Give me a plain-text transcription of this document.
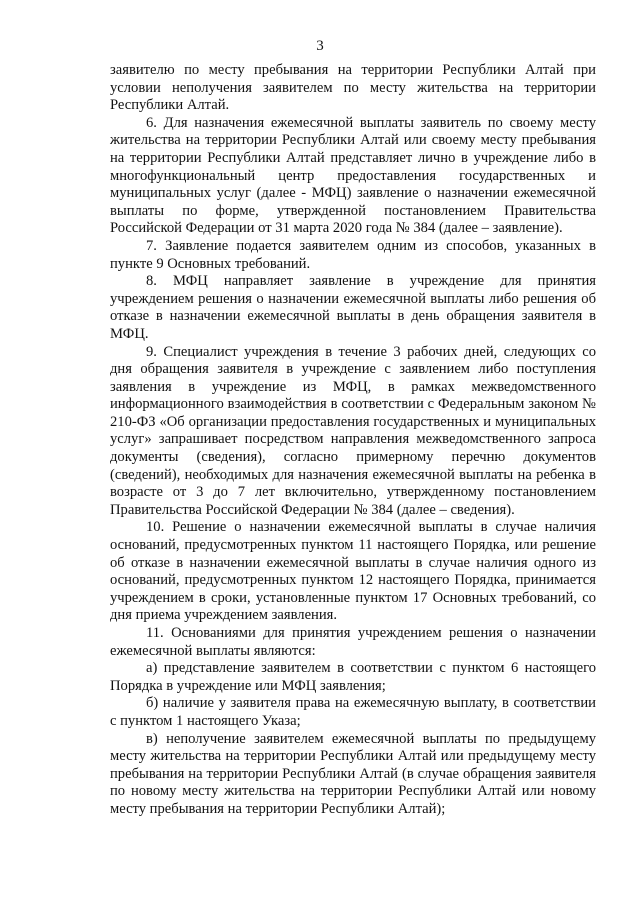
3

заявителю по месту пребывания на территории Республики Алтай при условии неполучения заявителем по месту жительства на территории Республики Алтай.

6. Для назначения ежемесячной выплаты заявитель по своему месту жительства на территории Республики Алтай или своему месту пребывания на территории Республики Алтай представляет лично в учреждение либо в многофункциональный центр предоставления государственных и муниципальных услуг (далее - МФЦ) заявление о назначении ежемесячной выплаты по форме, утвержденной постановлением Правительства Российской Федерации от 31 марта 2020 года № 384 (далее – заявление).

7. Заявление подается заявителем одним из способов, указанных в пункте 9 Основных требований.

8. МФЦ направляет заявление в учреждение для принятия учреждением решения о назначении ежемесячной выплаты либо решения об отказе в назначении ежемесячной выплаты в день обращения заявителя в МФЦ.

9. Специалист учреждения в течение 3 рабочих дней, следующих со дня обращения заявителя в учреждение с заявлением либо поступления заявления в учреждение из МФЦ, в рамках межведомственного информационного взаимодействия в соответствии с Федеральным законом № 210-ФЗ «Об организации предоставления государственных и муниципальных услуг» запрашивает посредством направления межведомственного запроса документы (сведения), согласно примерному перечню документов (сведений), необходимых для назначения ежемесячной выплаты на ребенка в возрасте от 3 до 7 лет включительно, утвержденному постановлением Правительства Российской Федерации № 384 (далее – сведения).

10. Решение о назначении ежемесячной выплаты в случае наличия оснований, предусмотренных пунктом 11 настоящего Порядка, или решение об отказе в назначении ежемесячной выплаты в случае наличия одного из оснований, предусмотренных пунктом 12 настоящего Порядка, принимается учреждением в сроки, установленные пунктом 17 Основных требований, со дня приема учреждением заявления.

11. Основаниями для принятия учреждением решения о назначении ежемесячной выплаты являются:

а) представление заявителем в соответствии с пунктом 6 настоящего Порядка в учреждение или МФЦ заявления;

б) наличие у заявителя права на ежемесячную выплату, в соответствии с пунктом 1 настоящего Указа;

в) неполучение заявителем ежемесячной выплаты по предыдущему месту жительства на территории Республики Алтай или предыдущему месту пребывания на территории Республики Алтай (в случае обращения заявителя по новому месту жительства на территории Республики Алтай или новому месту пребывания на территории Республики Алтай);
